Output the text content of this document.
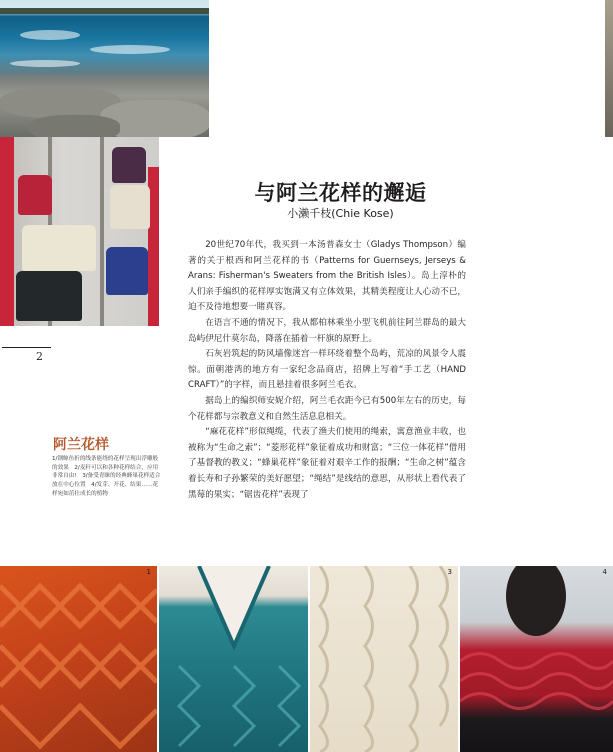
与阿兰花样的邂逅
小濑千枝(Chie Kose)

20世纪70年代，我买到一本汤普森女士（Gladys Thompson）编著的关于根西和阿兰花样的书（Patterns for Guernseys, Jerseys & Arans: Fisherman's Sweaters from the British Isles）。岛上淳朴的人们亲手编织的花样厚实饱满又有立体效果，其精美程度让人心动不已，迫不及待地想要一睹真容。

在语言不通的情况下，我从都柏林乘坐小型飞机前往阿兰群岛的最大岛屿伊尼什莫尔岛，降落在插着一杆旗的原野上。

石灰岩筑起的防风墙像迷宫一样环绕着整个岛屿，荒凉的风景令人震惊。面朝港湾的地方有一家纪念品商店，招牌上写着“手工艺（HAND CRAFT）”的字样，而且悬挂着很多阿兰毛衣。

据岛上的编织师安妮介绍，阿兰毛衣距今已有500年左右的历史，每个花样都与宗教意义和自然生活息息相关。

“麻花花样”形似绳缆，代表了渔夫们使用的绳索，寓意渔业丰收，也被称为“生命之索”；“菱形花样”象征着成功和财富；“三位一体花样”借用了基督教的教义；“蜂巢花样”象征着对艰辛工作的报酬；“生命之树”蕴含着长寿和子孙繁荣的美好愿望；“绳结”是线结的意思，从形状上看代表了黑莓的果实；“锯齿花样”表现了

2
阿兰花样
1/钢鲸鱼折的线条能绕的花样呈现出浮雕般的效果　2/麦秆可以和各种花样结合，应用非常自由!　3/备受青睐的经典蜂巢花样适合放在中心位置　4/发芽、开花、结果……花样宛如茁壮成长的植物
1	3	4
